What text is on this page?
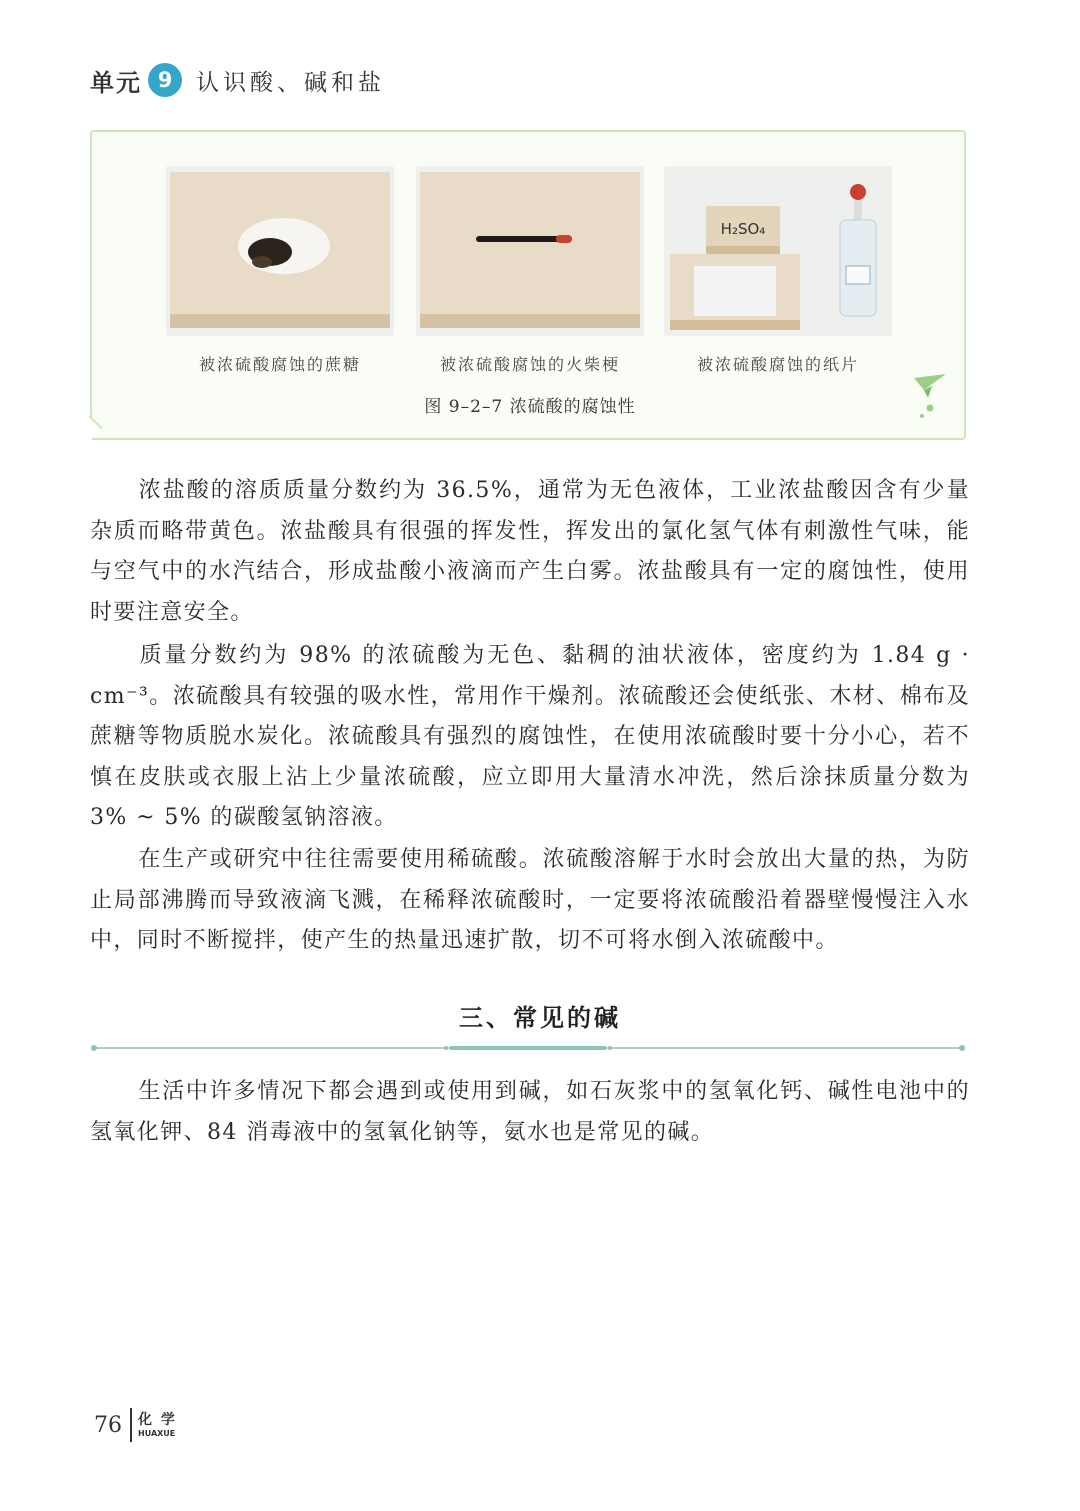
单元 9	认识酸、碱和盐
H₂SO₄
被浓硫酸腐蚀的蔗糖	被浓硫酸腐蚀的火柴梗	被浓硫酸腐蚀的纸片
图 9–2–7 浓硫酸的腐蚀性

浓盐酸的溶质质量分数约为 36.5%，通常为无色液体，工业浓盐酸因含有少量杂质而略带黄色。浓盐酸具有很强的挥发性，挥发出的氯化氢气体有刺激性气味，能与空气中的水汽结合，形成盐酸小液滴而产生白雾。浓盐酸具有一定的腐蚀性，使用时要注意安全。

质量分数约为 98% 的浓硫酸为无色、黏稠的油状液体，密度约为 1.84 g · cm⁻³。浓硫酸具有较强的吸水性，常用作干燥剂。浓硫酸还会使纸张、木材、棉布及蔗糖等物质脱水炭化。浓硫酸具有强烈的腐蚀性，在使用浓硫酸时要十分小心，若不慎在皮肤或衣服上沾上少量浓硫酸，应立即用大量清水冲洗，然后涂抹质量分数为 3% ~ 5% 的碳酸氢钠溶液。

在生产或研究中往往需要使用稀硫酸。浓硫酸溶解于水时会放出大量的热，为防止局部沸腾而导致液滴飞溅，在稀释浓硫酸时，一定要将浓硫酸沿着器壁慢慢注入水中，同时不断搅拌，使产生的热量迅速扩散，切不可将水倒入浓硫酸中。

三、常见的碱

生活中许多情况下都会遇到或使用到碱，如石灰浆中的氢氧化钙、碱性电池中的氢氧化钾、84 消毒液中的氢氧化钠等，氨水也是常见的碱。

76 化 学
HUAXUE
